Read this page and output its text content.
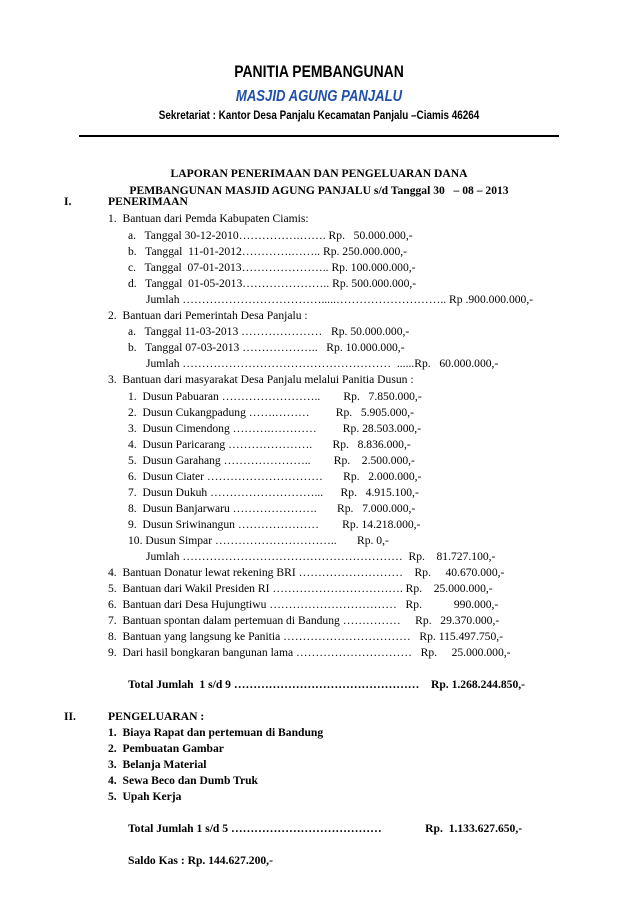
PANITIA PEMBANGUNAN
MASJID AGUNG PANJALU
Sekretariat : Kantor Desa Panjalu Kecamatan Panjalu –Ciamis 46264
LAPORAN PENERIMAAN DAN PENGELUARAN DANA
PEMBANGUNAN MASJID AGUNG PANJALU s/d Tanggal 30   – 08 – 2013
I.	PENERIMAAN
1.  Bantuan dari Pemda Kabupaten Ciamis:
a.   Tanggal 30-12-2010…………….……. Rp.   50.000.000,-
b.   Tanggal  11-01-2012………….…….. Rp. 250.000.000,-
c.   Tanggal  07-01-2013………………….. Rp. 100.000.000,-
d.   Tanggal  01-05-2013………………….. Rp. 500.000.000,-
Jumlah ……………………………….....……………………….. Rp .900.000.000,-
2.  Bantuan dari Pemerintah Desa Panjalu :
a.   Tanggal 11-03-2013 …………………   Rp. 50.000.000,-
b.   Tanggal 07-03-2013 ………………..   Rp. 10.000.000,-
Jumlah ………………………………………………  ......Rp.   60.000.000,-
3.  Bantuan dari masyarakat Desa Panjalu melalui Panitia Dusun :
1.  Dusun Pabuaran ……………………..        Rp.   7.850.000,-
2.  Dusun Cukangpadung …….………         Rp.   5.905.000,-
3.  Dusun Cimendong ……….…………         Rp. 28.503.000,-
4.  Dusun Paricarang ………………….       Rp.   8.836.000,-
5.  Dusun Garahang …………………..        Rp.    2.500.000,-
6.  Dusun Ciater …………………………       Rp.   2.000.000,-
7.  Dusun Dukuh ………………………...      Rp.   4.915.100,-
8.  Dusun Banjarwaru ………………….       Rp.   7.000.000,-
9.  Dusun Sriwinangun …………………        Rp. 14.218.000,-
10. Dusun Simpar …………………………..       Rp. 0,-
Jumlah …………………………………………………  Rp.    81.727.100,-
4.  Bantuan Donatur lewat rekening BRI ………………………    Rp.     40.670.000,-
5.  Bantuan dari Wakil Presiden RI ……………………………. Rp.    25.000.000,-
6.  Bantuan dari Desa Hujungtiwu ……………………………   Rp.           990.000,-
7.  Bantuan spontan dalam pertemuan di Bandung ……………     Rp.   29.370.000,-
8.  Bantuan yang langsung ke Panitia ……………………………   Rp. 115.497.750,-
9.  Dari hasil bongkaran bangunan lama …………………………   Rp.     25.000.000,-
Total Jumlah  1 s/d 9 …………………………………………    Rp. 1.268.244.850,-
II.	PENGELUARAN :
1.  Biaya Rapat dan pertemuan di Bandung
2.  Pembuatan Gambar
3.  Belanja Material
4.  Sewa Beco dan Dumb Truk
5.  Upah Kerja
Total Jumlah 1 s/d 5 …………………………………               Rp.  1.133.627.650,-
Saldo Kas : Rp. 144.627.200,-
